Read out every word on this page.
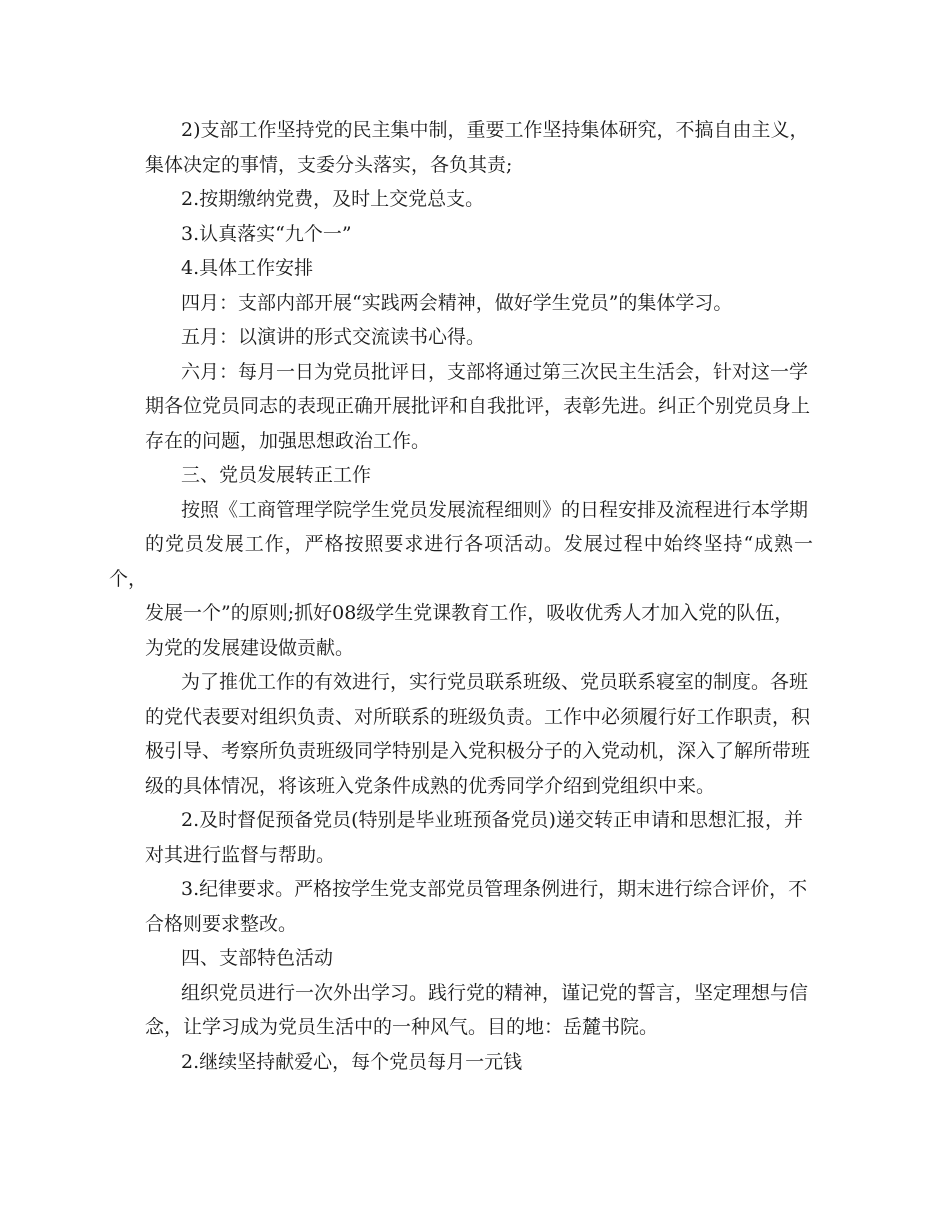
2)支部工作坚持党的民主集中制，重要工作坚持集体研究，不搞自由主义，
集体决定的事情，支委分头落实，各负其责;

2.按期缴纳党费，及时上交党总支。

3.认真落实“九个一”

4.具体工作安排

四月：支部内部开展“实践两会精神，做好学生党员”的集体学习。

五月：以演讲的形式交流读书心得。

六月：每月一日为党员批评日，支部将通过第三次民主生活会，针对这一学
期各位党员同志的表现正确开展批评和自我批评，表彰先进。纠正个别党员身上
存在的问题，加强思想政治工作。

三、党员发展转正工作

按照《工商管理学院学生党员发展流程细则》的日程安排及流程进行本学期
的党员发展工作，严格按照要求进行各项活动。发展过程中始终坚持“成熟一个，
发展一个”的原则;抓好08级学生党课教育工作，吸收优秀人才加入党的队伍，
为党的发展建设做贡献。

为了推优工作的有效进行，实行党员联系班级、党员联系寝室的制度。各班
的党代表要对组织负责、对所联系的班级负责。工作中必须履行好工作职责，积
极引导、考察所负责班级同学特别是入党积极分子的入党动机，深入了解所带班
级的具体情况，将该班入党条件成熟的优秀同学介绍到党组织中来。

2.及时督促预备党员(特别是毕业班预备党员)递交转正申请和思想汇报，并
对其进行监督与帮助。

3.纪律要求。严格按学生党支部党员管理条例进行，期末进行综合评价，不
合格则要求整改。

四、支部特色活动

组织党员进行一次外出学习。践行党的精神，谨记党的誓言，坚定理想与信
念，让学习成为党员生活中的一种风气。目的地：岳麓书院。

2.继续坚持献爱心，每个党员每月一元钱
